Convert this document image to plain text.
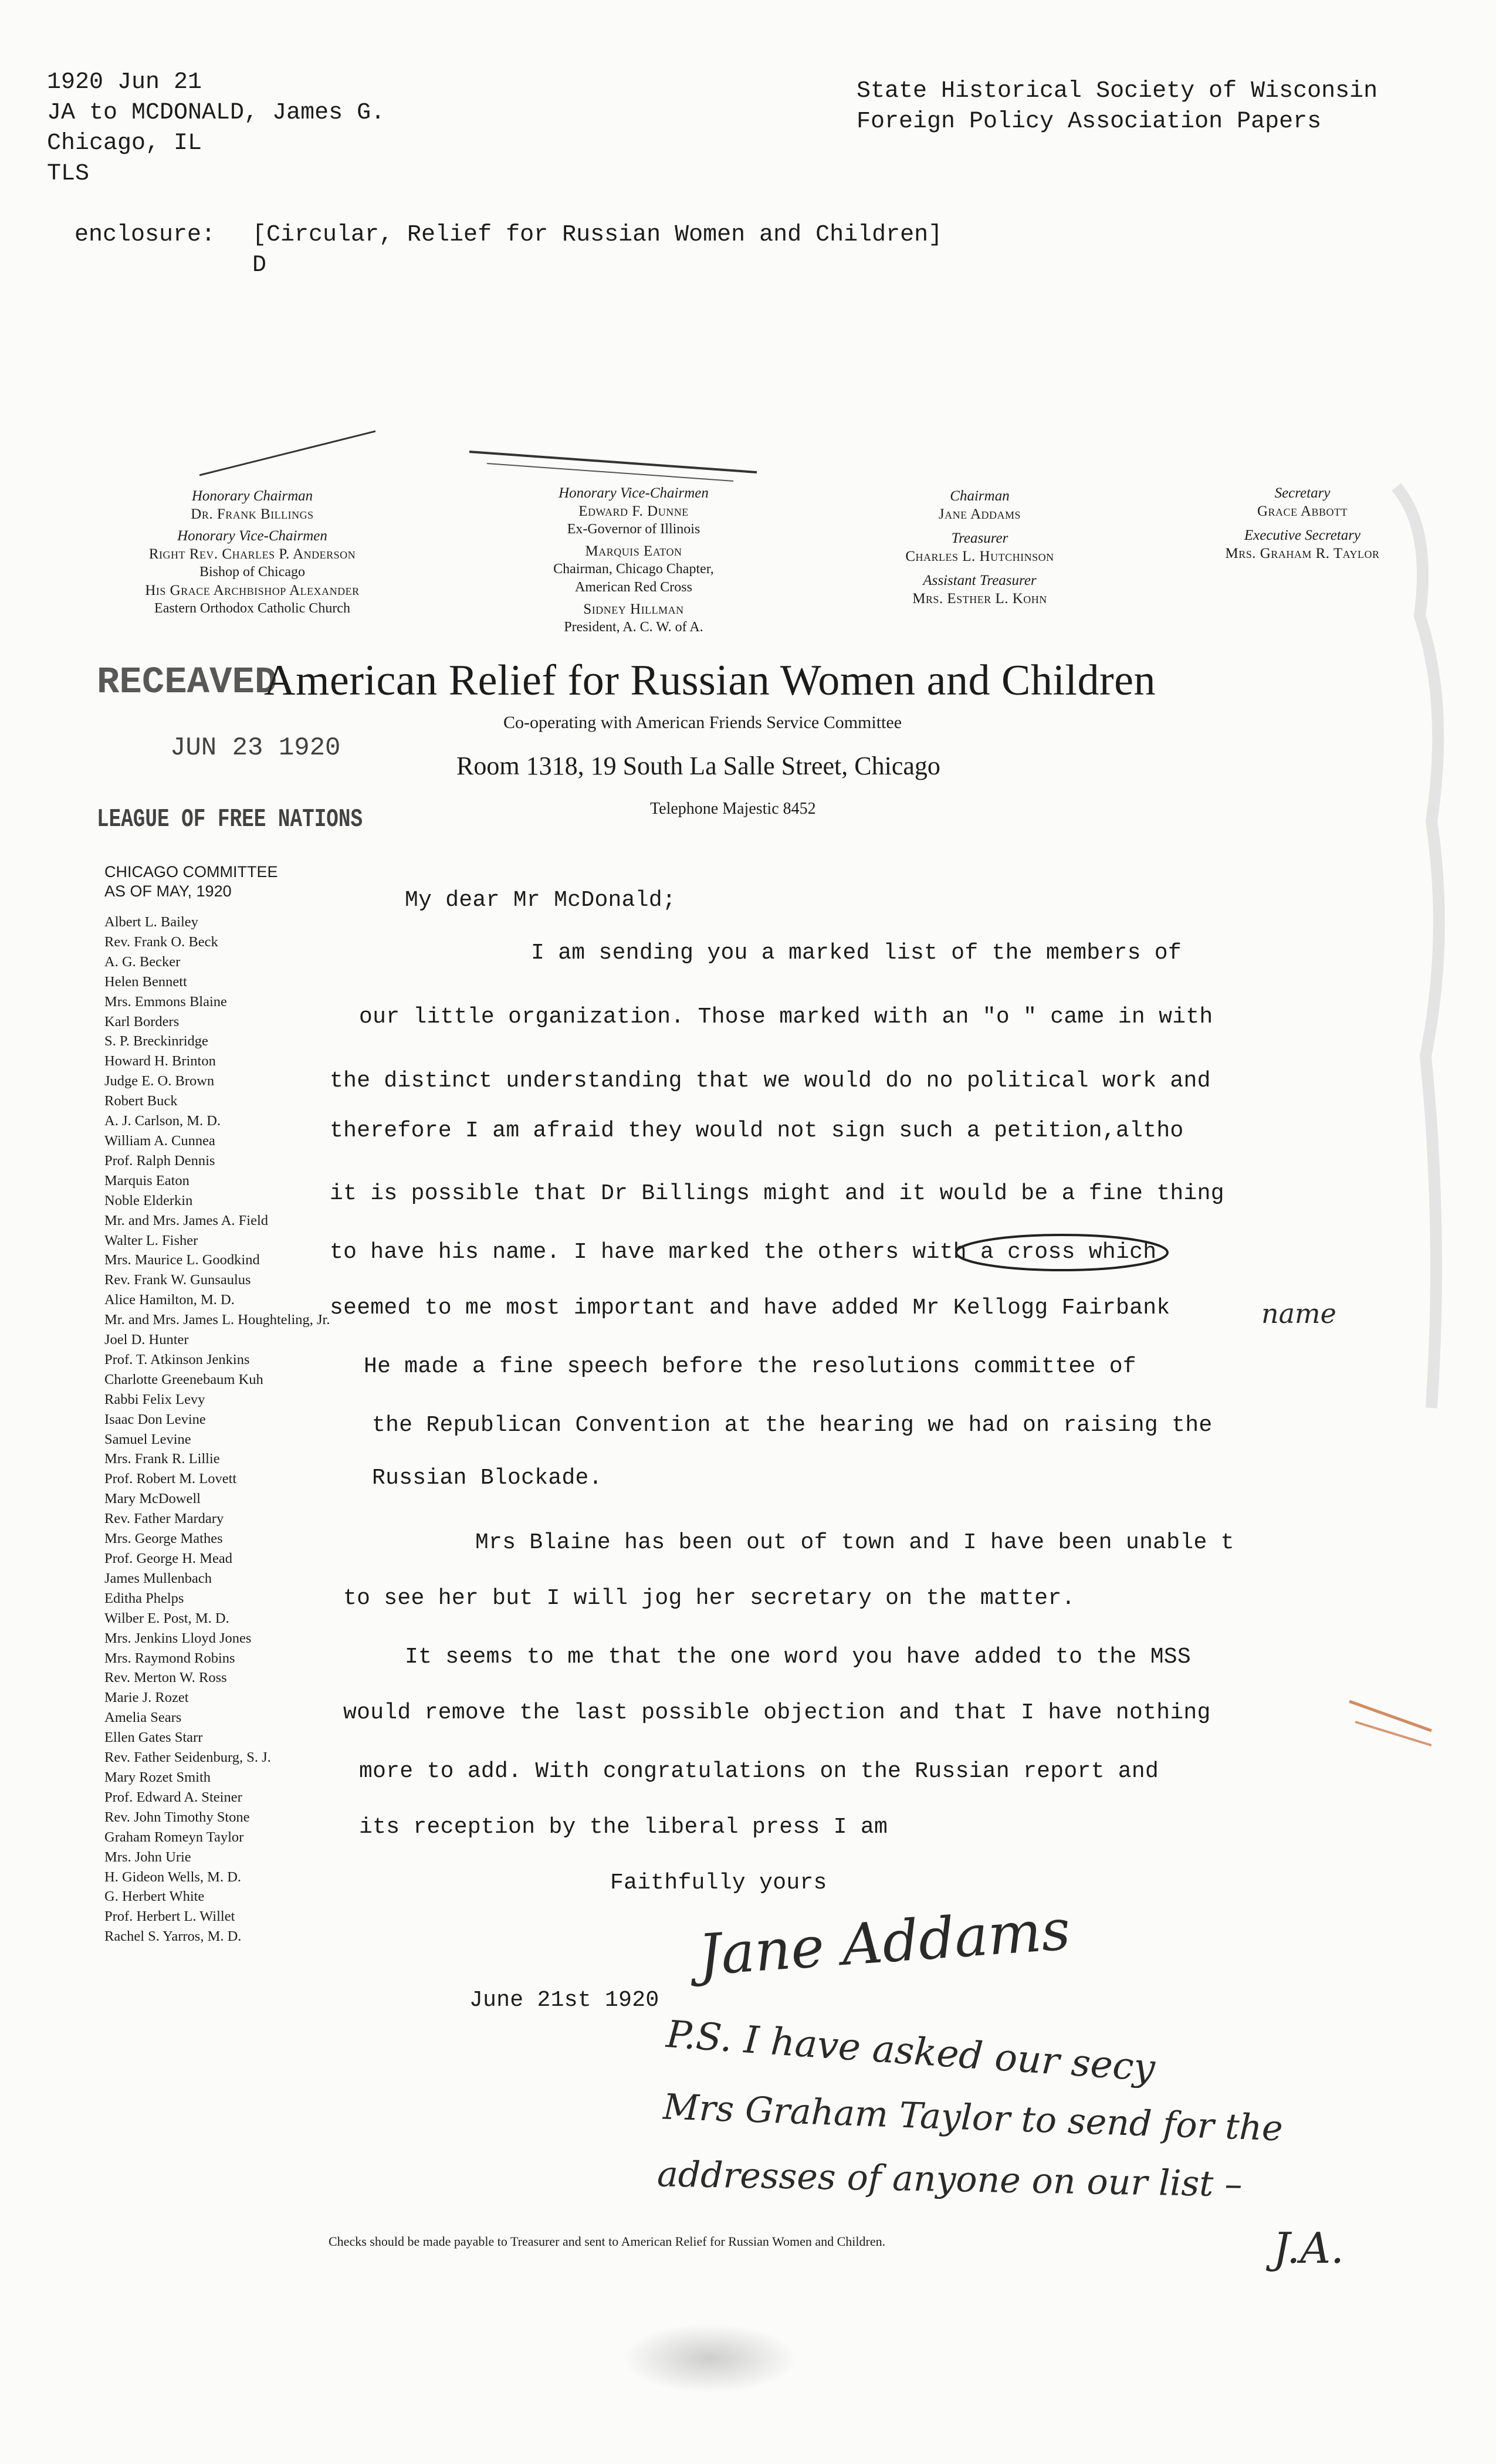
1920 Jun 21
JA to MCDONALD, James G.
Chicago, IL
TLS
State Historical Society of Wisconsin
Foreign Policy Association Papers
enclosure: [Circular, Relief for Russian Women and Children]
D
Honorary Chairman
Dr. Frank Billings
Honorary Vice-Chairmen
Right Rev. Charles P. Anderson
Bishop of Chicago
His Grace Archbishop Alexander
Eastern Orthodox Catholic Church
Honorary Vice-Chairmen
Edward F. Dunne
Ex-Governor of Illinois
Marquis Eaton
Chairman, Chicago Chapter,
American Red Cross
Sidney Hillman
President, A. C. W. of A.
Chairman
Jane Addams
Treasurer
Charles L. Hutchinson
Assistant Treasurer
Mrs. Esther L. Kohn
Secretary
Grace Abbott
Executive Secretary
Mrs. Graham R. Taylor
American Relief for Russian Women and Children
RECEAVED
Co-operating with American Friends Service Committee
Room 1318, 19 South La Salle Street, Chicago
Telephone Majestic 8452
JUN 23 1920
LEAGUE OF FREE NATIONS
CHICAGO COMMITTEE
AS OF MAY, 1920
Albert L. Bailey
Rev. Frank O. Beck
A. G. Becker
Helen Bennett
Mrs. Emmons Blaine
Karl Borders
S. P. Breckinridge
Howard H. Brinton
Judge E. O. Brown
Robert Buck
A. J. Carlson, M. D.
William A. Cunnea
Prof. Ralph Dennis
Marquis Eaton
Noble Elderkin
Mr. and Mrs. James A. Field
Walter L. Fisher
Mrs. Maurice L. Goodkind
Rev. Frank W. Gunsaulus
Alice Hamilton, M. D.
Mr. and Mrs. James L. Houghteling, Jr.
Joel D. Hunter
Prof. T. Atkinson Jenkins
Charlotte Greenebaum Kuh
Rabbi Felix Levy
Isaac Don Levine
Samuel Levine
Mrs. Frank R. Lillie
Prof. Robert M. Lovett
Mary McDowell
Rev. Father Mardary
Mrs. George Mathes
Prof. George H. Mead
James Mullenbach
Editha Phelps
Wilber E. Post, M. D.
Mrs. Jenkins Lloyd Jones
Mrs. Raymond Robins
Rev. Merton W. Ross
Marie J. Rozet
Amelia Sears
Ellen Gates Starr
Rev. Father Seidenburg, S. J.
Mary Rozet Smith
Prof. Edward A. Steiner
Rev. John Timothy Stone
Graham Romeyn Taylor
Mrs. John Urie
H. Gideon Wells, M. D.
G. Herbert White
Prof. Herbert L. Willet
Rachel S. Yarros, M. D.
My dear Mr McDonald;
I am sending you a marked list of the members of
our little organization. Those marked with an "o " came in with
the distinct understanding that we would do no political work and
therefore I am afraid they would not sign such a petition,altho
it is possible that Dr Billings might and it would be a fine thing
to have his name. I have marked the others with a cross which
seemed to me most important and have added Mr Kellogg Fairbank	name
He made a fine speech before the resolutions committee of
the Republican Convention at the hearing we had on raising the
Russian Blockade.
Mrs Blaine has been out of town and I have been unable t
to see her but I will jog her secretary on the matter.
It seems to me that the one word you have added to the MSS
would remove the last possible objection and that I have nothing
more to add. With congratulations on the Russian report and
its reception by the liberal press I am
Faithfully yours
Jane Addams
June 21st 1920
P.S. I have asked our secy
Mrs Graham Taylor to send for the
addresses of anyone on our list –
J.A.
Checks should be made payable to Treasurer and sent to American Relief for Russian Women and Children.
